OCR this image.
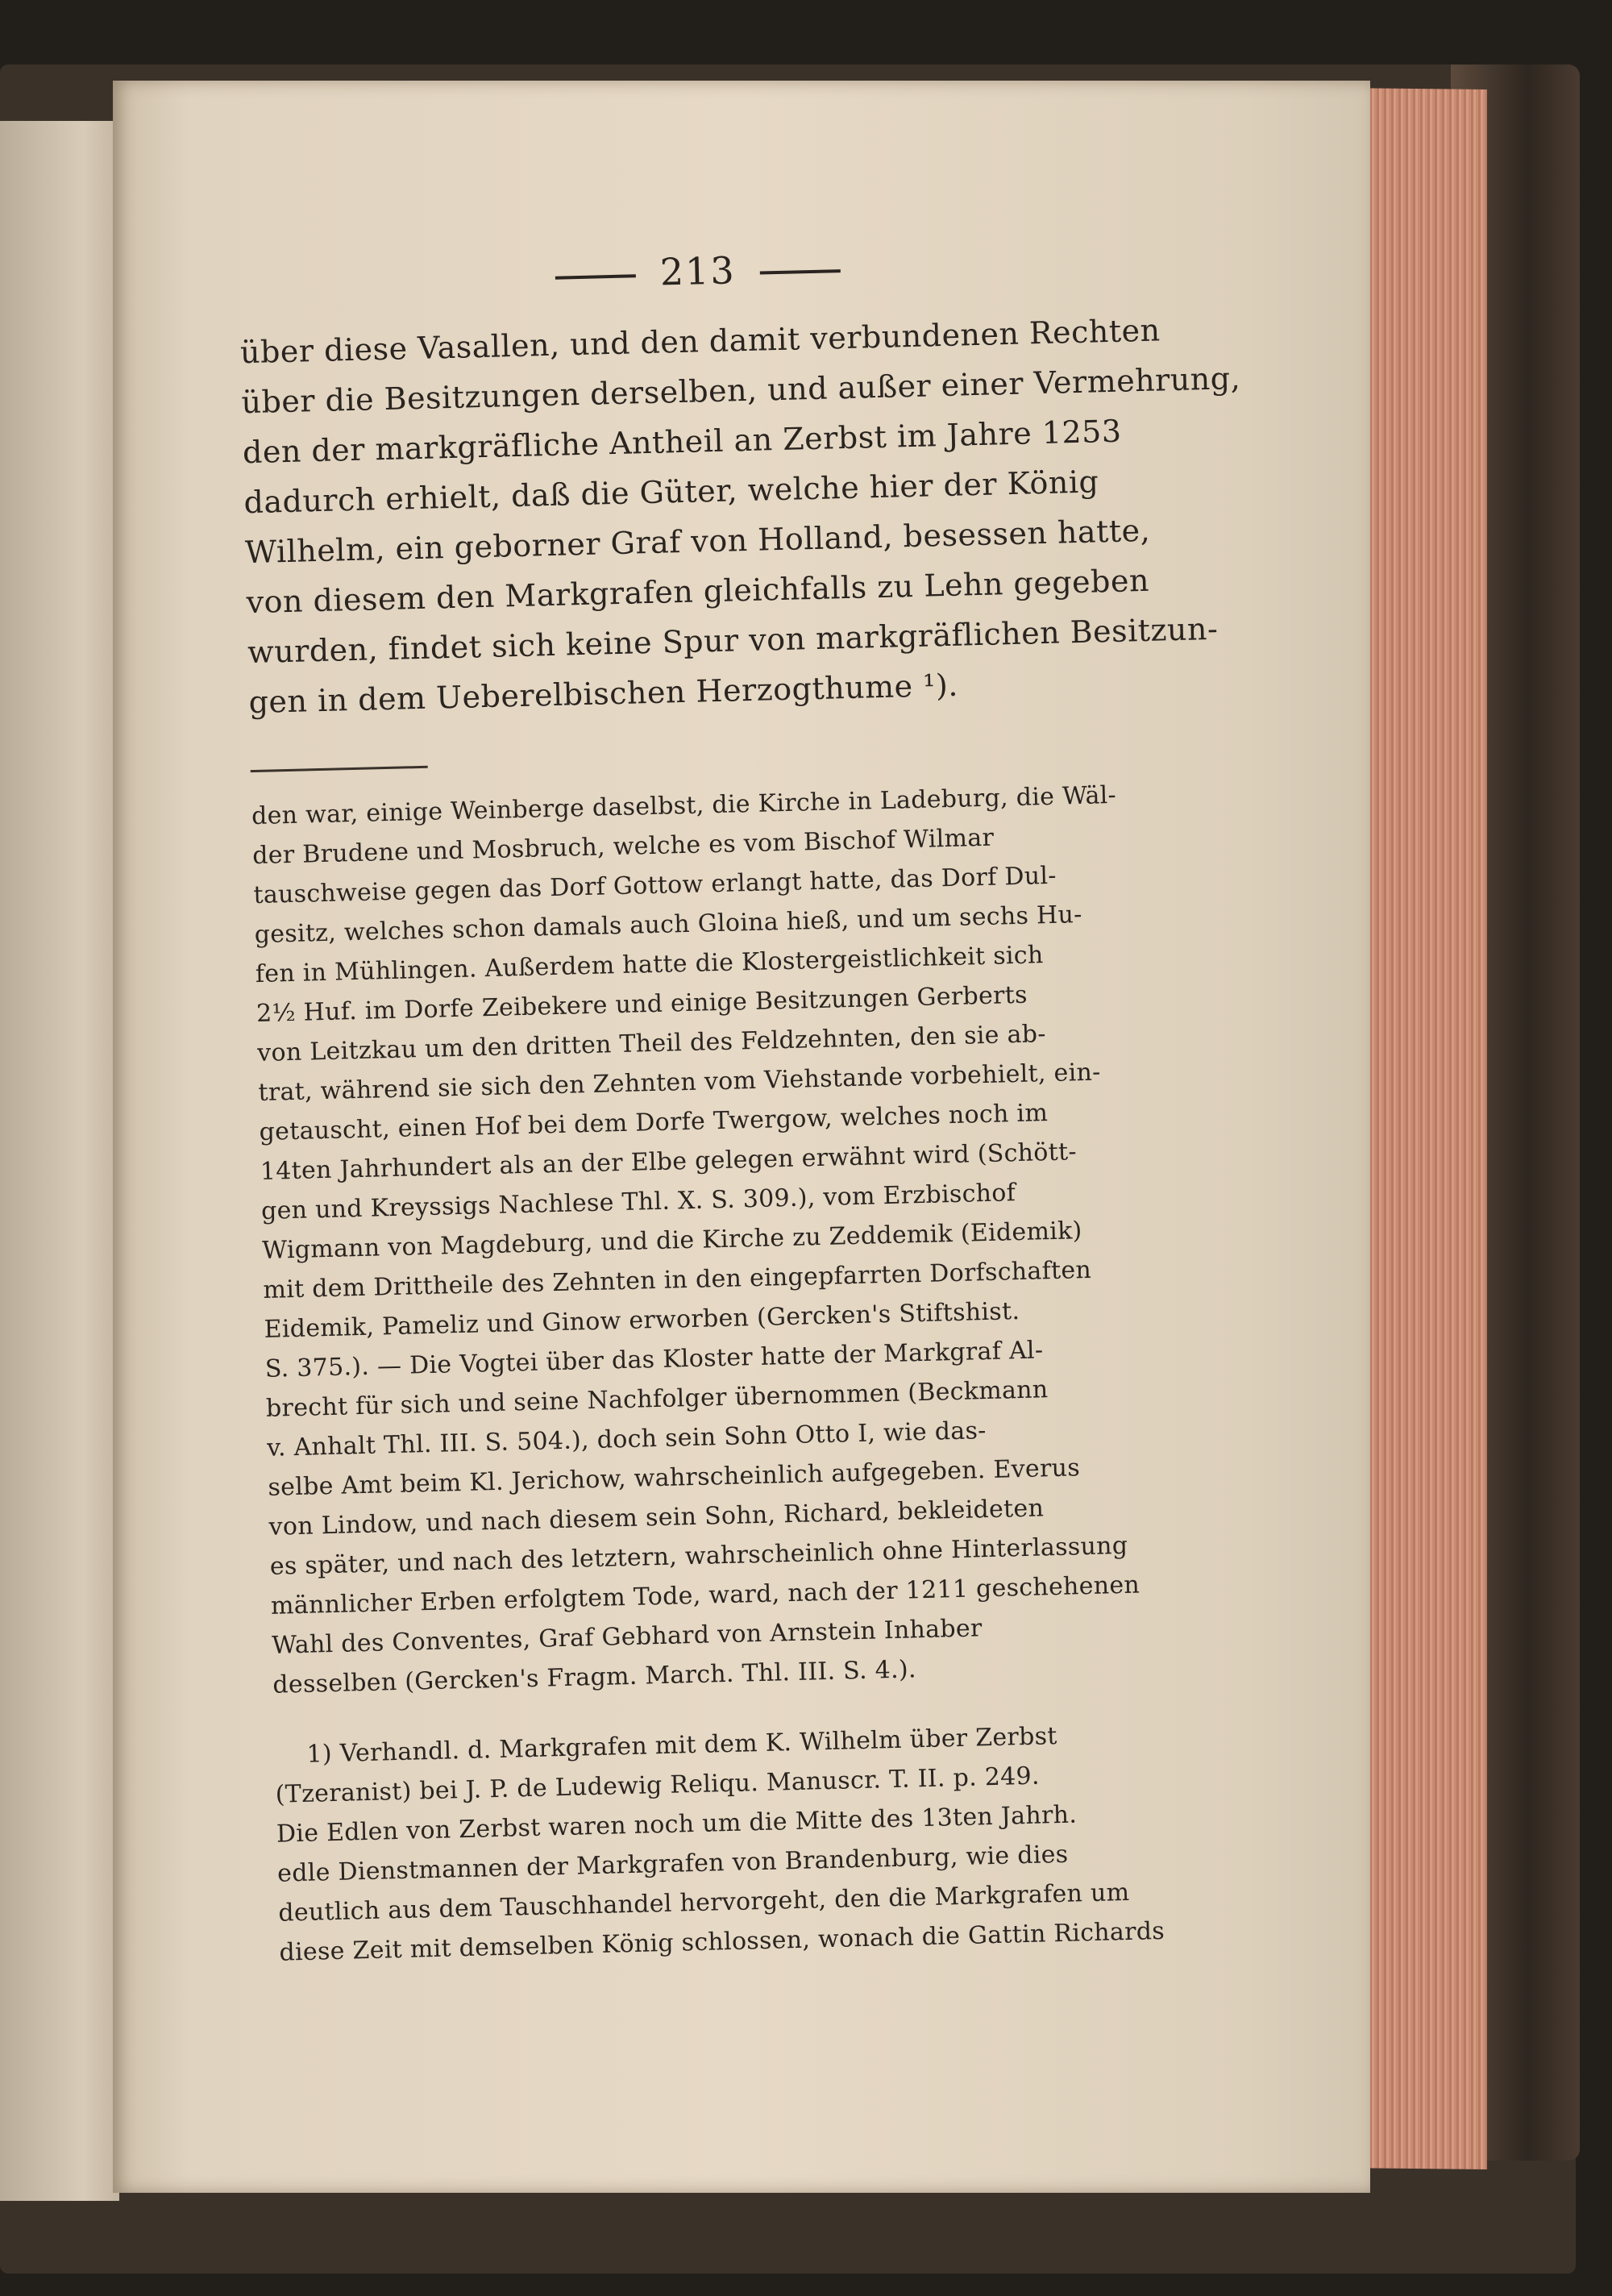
213
über diese Vasallen, und den damit verbundenen Rechten
über die Besitzungen derselben, und außer einer Vermehrung,
den der markgräfliche Antheil an Zerbst im Jahre 1253
dadurch erhielt, daß die Güter, welche hier der König
Wilhelm, ein geborner Graf von Holland, besessen hatte,
von diesem den Markgrafen gleichfalls zu Lehn gegeben
wurden, findet sich keine Spur von markgräflichen Besitzun-
gen in dem Ueberelbischen Herzogthume ¹).
den war, einige Weinberge daselbst, die Kirche in Ladeburg, die Wäl-
der Brudene und Mosbruch, welche es vom Bischof Wilmar
tauschweise gegen das Dorf Gottow erlangt hatte, das Dorf Dul-
gesitz, welches schon damals auch Gloina hieß, und um sechs Hu-
fen in Mühlingen. Außerdem hatte die Klostergeistlichkeit sich
2½ Huf. im Dorfe Zeibekere und einige Besitzungen Gerberts
von Leitzkau um den dritten Theil des Feldzehnten, den sie ab-
trat, während sie sich den Zehnten vom Viehstande vorbehielt, ein-
getauscht, einen Hof bei dem Dorfe Twergow, welches noch im
14ten Jahrhundert als an der Elbe gelegen erwähnt wird (Schött-
gen und Kreyssigs Nachlese Thl. X. S. 309.), vom Erzbischof
Wigmann von Magdeburg, und die Kirche zu Zeddemik (Eidemik)
mit dem Drittheile des Zehnten in den eingepfarrten Dorfschaften
Eidemik, Pameliz und Ginow erworben (Gercken's Stiftshist.
S. 375.). — Die Vogtei über das Kloster hatte der Markgraf Al-
brecht für sich und seine Nachfolger übernommen (Beckmann
v. Anhalt Thl. III. S. 504.), doch sein Sohn Otto I, wie das-
selbe Amt beim Kl. Jerichow, wahrscheinlich aufgegeben. Everus
von Lindow, und nach diesem sein Sohn, Richard, bekleideten
es später, und nach des letztern, wahrscheinlich ohne Hinterlassung
männlicher Erben erfolgtem Tode, ward, nach der 1211 geschehenen
Wahl des Conventes, Graf Gebhard von Arnstein Inhaber
desselben (Gercken's Fragm. March. Thl. III. S. 4.).
1) Verhandl. d. Markgrafen mit dem K. Wilhelm über Zerbst
(Tzeranist) bei J. P. de Ludewig Reliqu. Manuscr. T. II. p. 249.
Die Edlen von Zerbst waren noch um die Mitte des 13ten Jahrh.
edle Dienstmannen der Markgrafen von Brandenburg, wie dies
deutlich aus dem Tauschhandel hervorgeht, den die Markgrafen um
diese Zeit mit demselben König schlossen, wonach die Gattin Richards
